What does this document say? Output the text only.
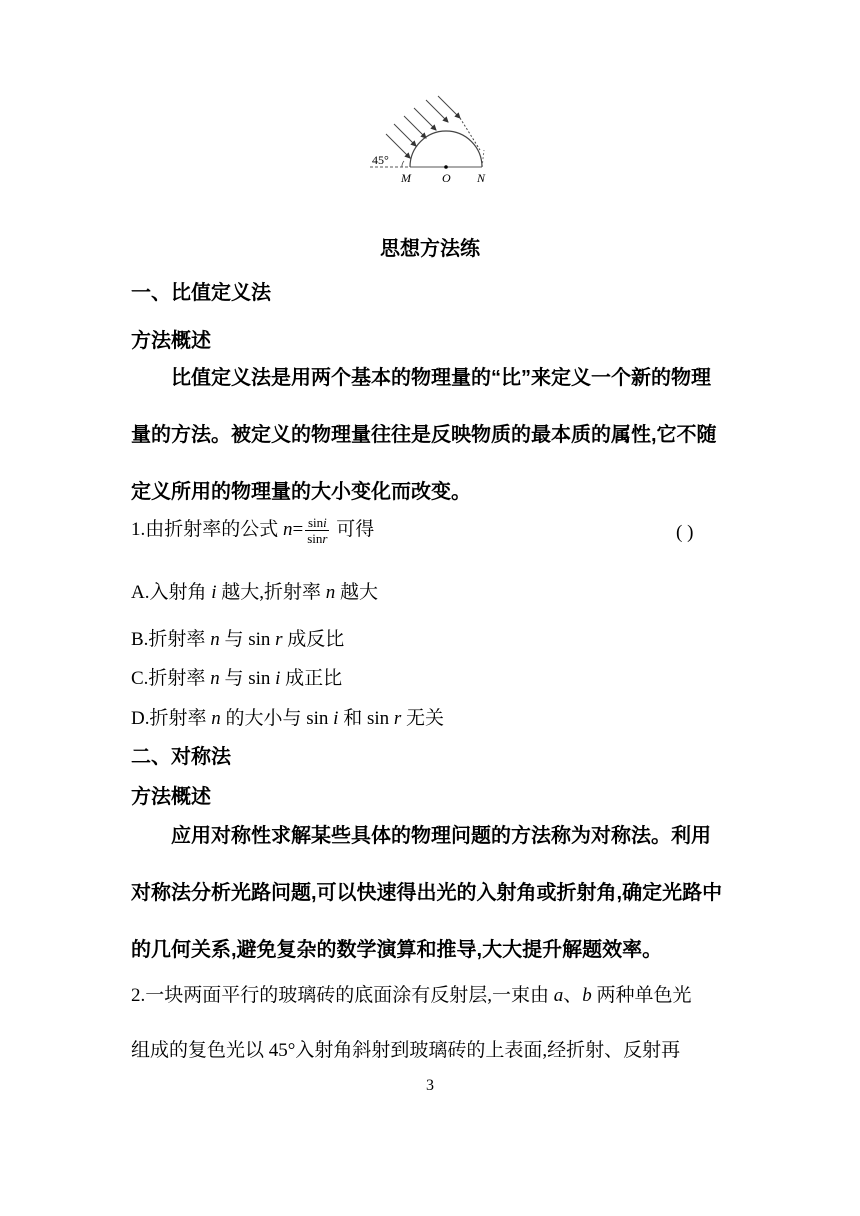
45°
M	O N
思想方法练
一、比值定义法
方法概述
比值定义法是用两个基本的物理量的“比”来定义一个新的物理
量的方法。被定义的物理量往往是反映物质的最本质的属性,它不随
定义所用的物理量的大小变化而改变。
1.由折射率的公式 $n= \frac{\sin i}{\sin r}$ 可得	( )
A.入射角 i 越大,折射率 n 越大
B.折射率 n 与 sin r 成反比
C.折射率 n 与 sin i 成正比
D.折射率 n 的大小与 sin i 和 sin r 无关
二、对称法
方法概述
应用对称性求解某些具体的物理问题的方法称为对称法。利用
对称法分析光路问题,可以快速得出光的入射角或折射角,确定光路中
的几何关系,避免复杂的数学演算和推导,大大提升解题效率。
2.一块两面平行的玻璃砖的底面涂有反射层,一束由 a、b 两种单色光
组成的复色光以 45°入射角斜射到玻璃砖的上表面,经折射、反射再
3
